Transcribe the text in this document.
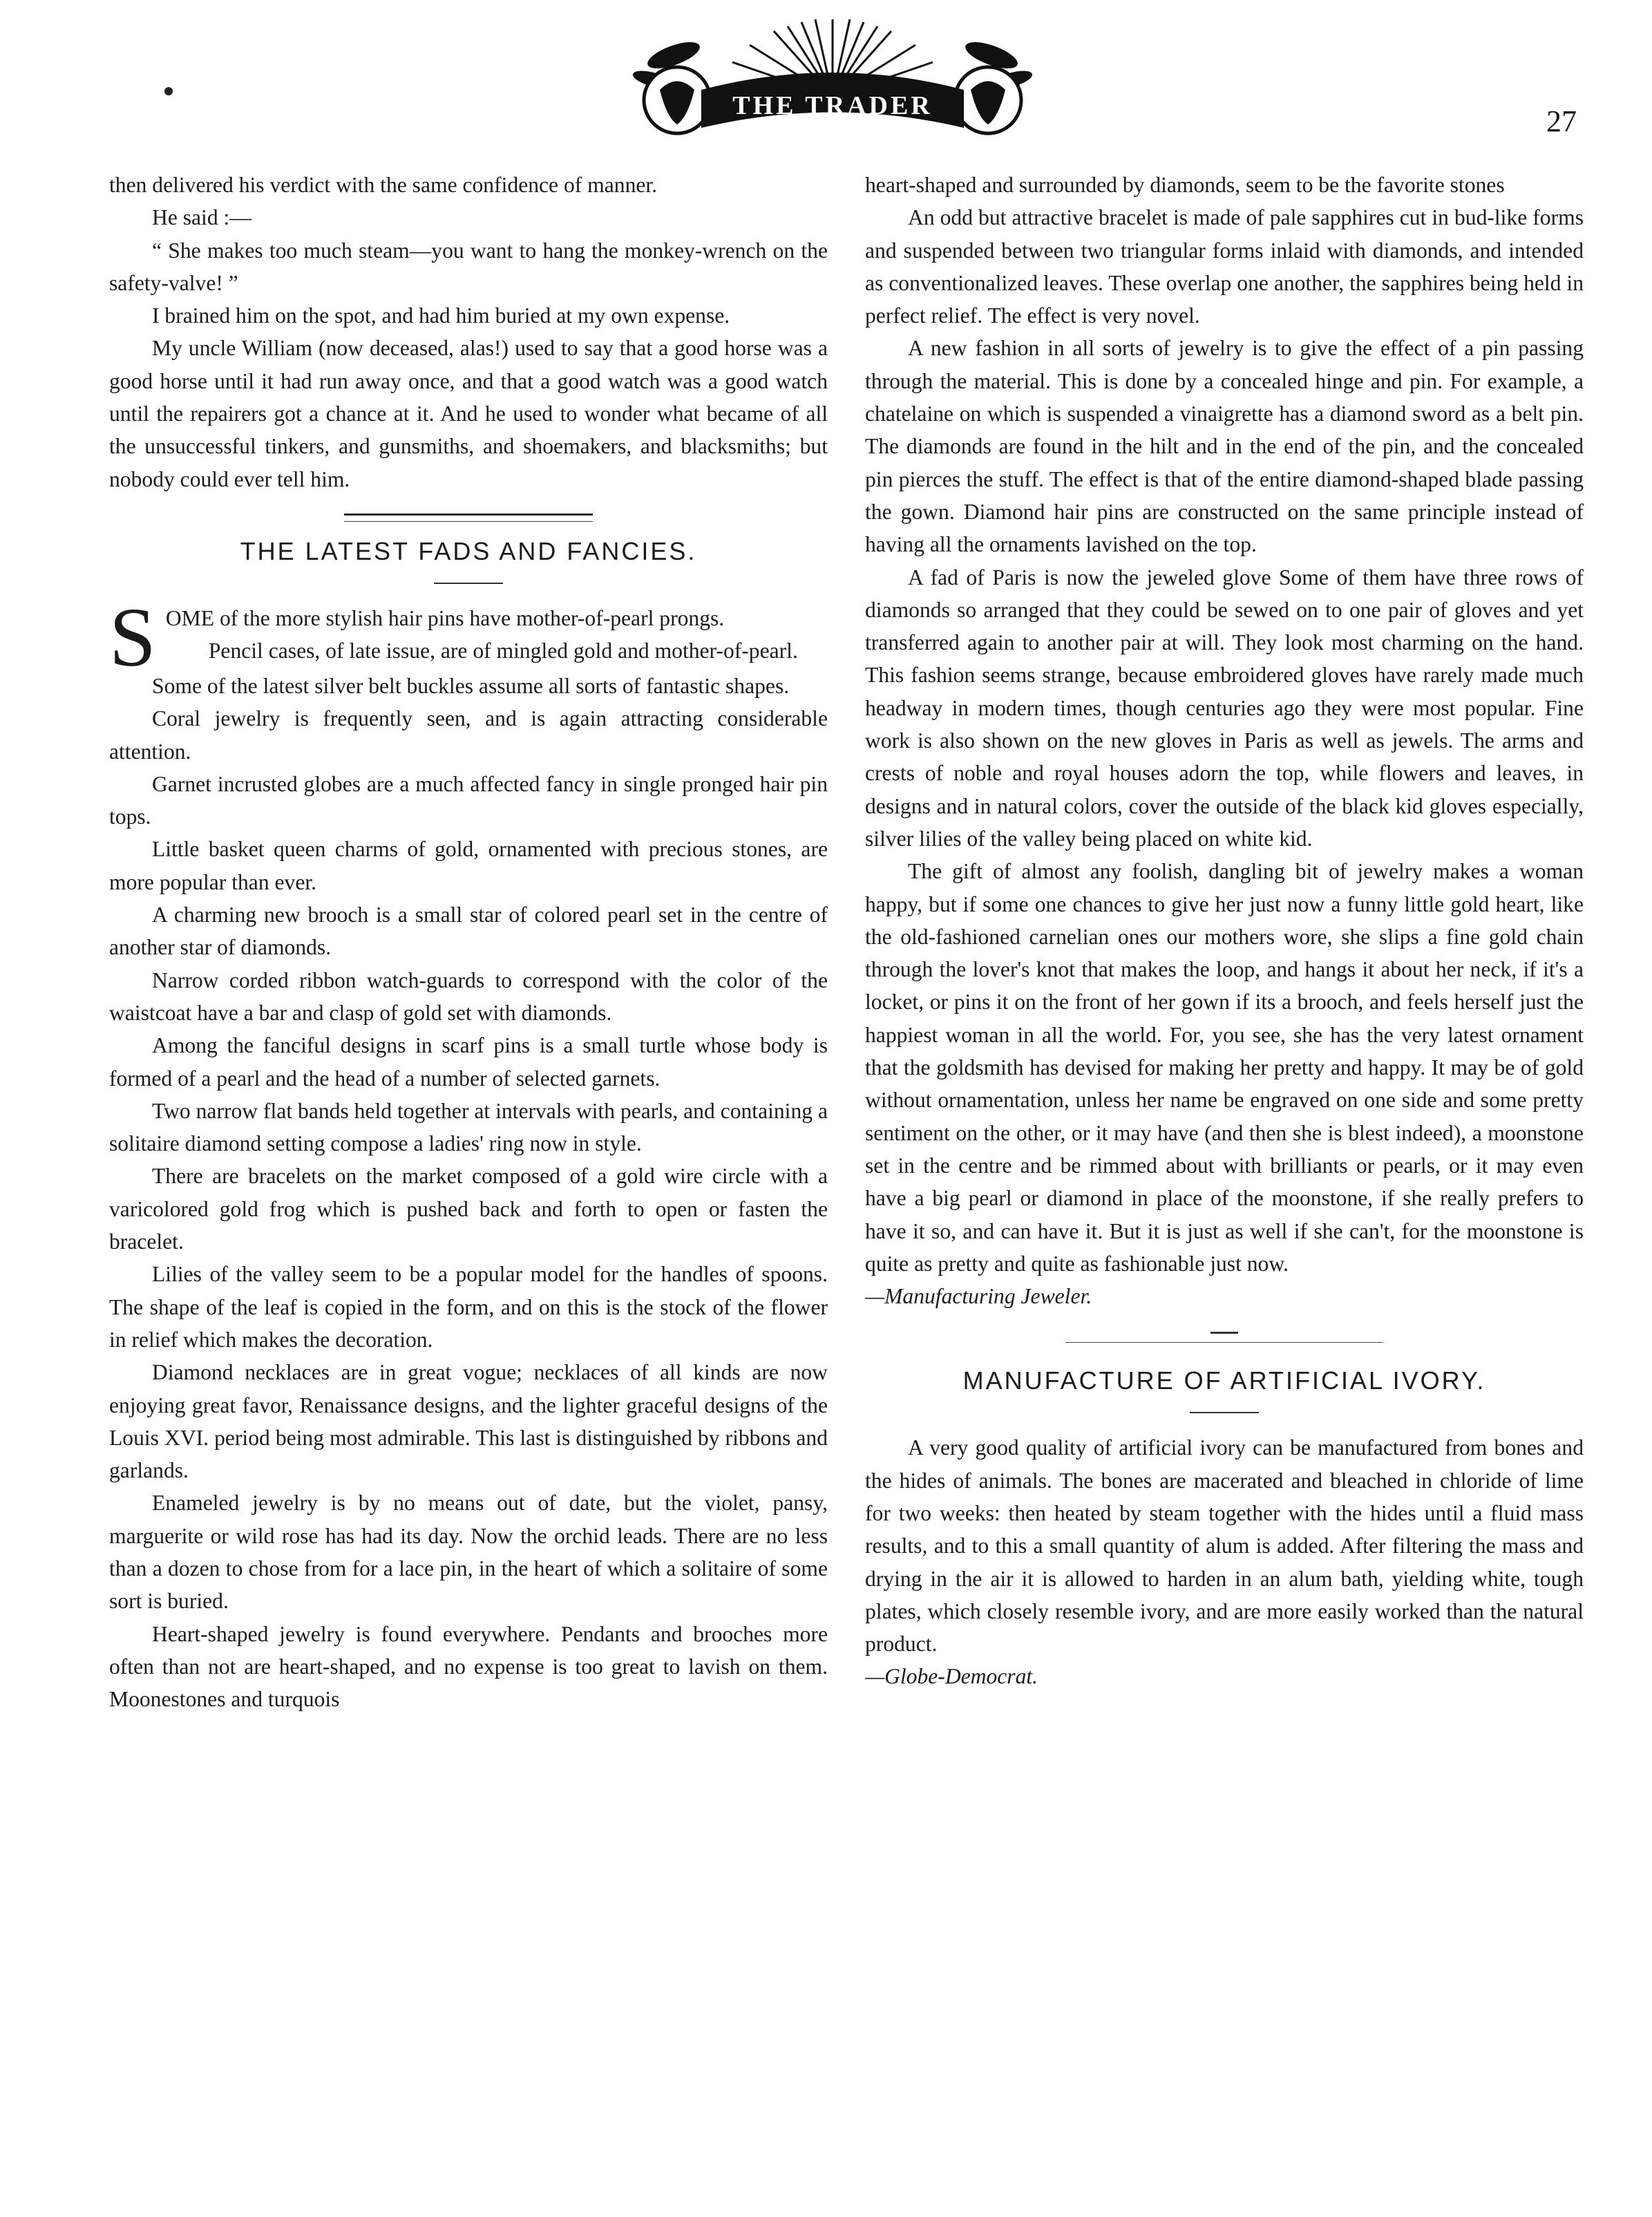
THE TRADER	27

then delivered his verdict with the same confidence of manner.

He said :—

“ She makes too much steam—you want to hang the monkey-wrench on the safety-valve! ”

I brained him on the spot, and had him buried at my own expense.

My uncle William (now deceased, alas!) used to say that a good horse was a good horse until it had run away once, and that a good watch was a good watch until the repairers got a chance at it. And he used to wonder what became of all the unsuccessful tinkers, and gunsmiths, and shoemakers, and blacksmiths; but nobody could ever tell him.

THE LATEST FADS AND FANCIES.
S OME of the more stylish hair pins have mother-of-pearl prongs.

Pencil cases, of late issue, are of mingled gold and mother-of-pearl.

Some of the latest silver belt buckles assume all sorts of fantastic shapes.

Coral jewelry is frequently seen, and is again attracting considerable attention.

Garnet incrusted globes are a much affected fancy in single pronged hair pin tops.

Little basket queen charms of gold, ornamented with precious stones, are more popular than ever.

A charming new brooch is a small star of colored pearl set in the centre of another star of diamonds.

Narrow corded ribbon watch-guards to correspond with the color of the waistcoat have a bar and clasp of gold set with diamonds.

Among the fanciful designs in scarf pins is a small turtle whose body is formed of a pearl and the head of a number of selected garnets.

Two narrow flat bands held together at intervals with pearls, and containing a solitaire diamond setting compose a ladies' ring now in style.

There are bracelets on the market composed of a gold wire circle with a varicolored gold frog which is pushed back and forth to open or fasten the bracelet.

Lilies of the valley seem to be a popular model for the handles of spoons. The shape of the leaf is copied in the form, and on this is the stock of the flower in relief which makes the decoration.

Diamond necklaces are in great vogue; necklaces of all kinds are now enjoying great favor, Renaissance designs, and the lighter graceful designs of the Louis XVI. period being most admirable. This last is distinguished by ribbons and garlands.

Enameled jewelry is by no means out of date, but the violet, pansy, marguerite or wild rose has had its day. Now the orchid leads. There are no less than a dozen to chose from for a lace pin, in the heart of which a solitaire of some sort is buried.

Heart-shaped jewelry is found everywhere. Pendants and brooches more often than not are heart-shaped, and no expense is too great to lavish on them. Moonestones and turquois

heart-shaped and surrounded by diamonds, seem to be the favorite stones

An odd but attractive bracelet is made of pale sapphires cut in bud-like forms and suspended between two triangular forms inlaid with diamonds, and intended as conventionalized leaves. These overlap one another, the sapphires being held in perfect relief. The effect is very novel.

A new fashion in all sorts of jewelry is to give the effect of a pin passing through the material. This is done by a concealed hinge and pin. For example, a chatelaine on which is suspended a vinaigrette has a diamond sword as a belt pin. The diamonds are found in the hilt and in the end of the pin, and the concealed pin pierces the stuff. The effect is that of the entire diamond-shaped blade passing the gown. Diamond hair pins are constructed on the same principle instead of having all the ornaments lavished on the top.

A fad of Paris is now the jeweled glove Some of them have three rows of diamonds so arranged that they could be sewed on to one pair of gloves and yet transferred again to another pair at will. They look most charming on the hand. This fashion seems strange, because embroidered gloves have rarely made much headway in modern times, though centuries ago they were most popular. Fine work is also shown on the new gloves in Paris as well as jewels. The arms and crests of noble and royal houses adorn the top, while flowers and leaves, in designs and in natural colors, cover the outside of the black kid gloves especially, silver lilies of the valley being placed on white kid.

The gift of almost any foolish, dangling bit of jewelry makes a woman happy, but if some one chances to give her just now a funny little gold heart, like the old-fashioned carnelian ones our mothers wore, she slips a fine gold chain through the lover's knot that makes the loop, and hangs it about her neck, if it's a locket, or pins it on the front of her gown if its a brooch, and feels herself just the happiest woman in all the world. For, you see, she has the very latest ornament that the goldsmith has devised for making her pretty and happy. It may be of gold without ornamentation, unless her name be engraved on one side and some pretty sentiment on the other, or it may have (and then she is blest indeed), a moonstone set in the centre and be rimmed about with brilliants or pearls, or it may even have a big pearl or diamond in place of the moonstone, if she really prefers to have it so, and can have it. But it is just as well if she can't, for the moonstone is quite as pretty and quite as fashionable just now.

—Manufacturing Jeweler.

MANUFACTURE OF ARTIFICIAL IVORY.

A very good quality of artificial ivory can be manufactured from bones and the hides of animals. The bones are macerated and bleached in chloride of lime for two weeks: then heated by steam together with the hides until a fluid mass results, and to this a small quantity of alum is added. After filtering the mass and drying in the air it is allowed to harden in an alum bath, yielding white, tough plates, which closely resemble ivory, and are more easily worked than the natural product.

—Globe-Democrat.
